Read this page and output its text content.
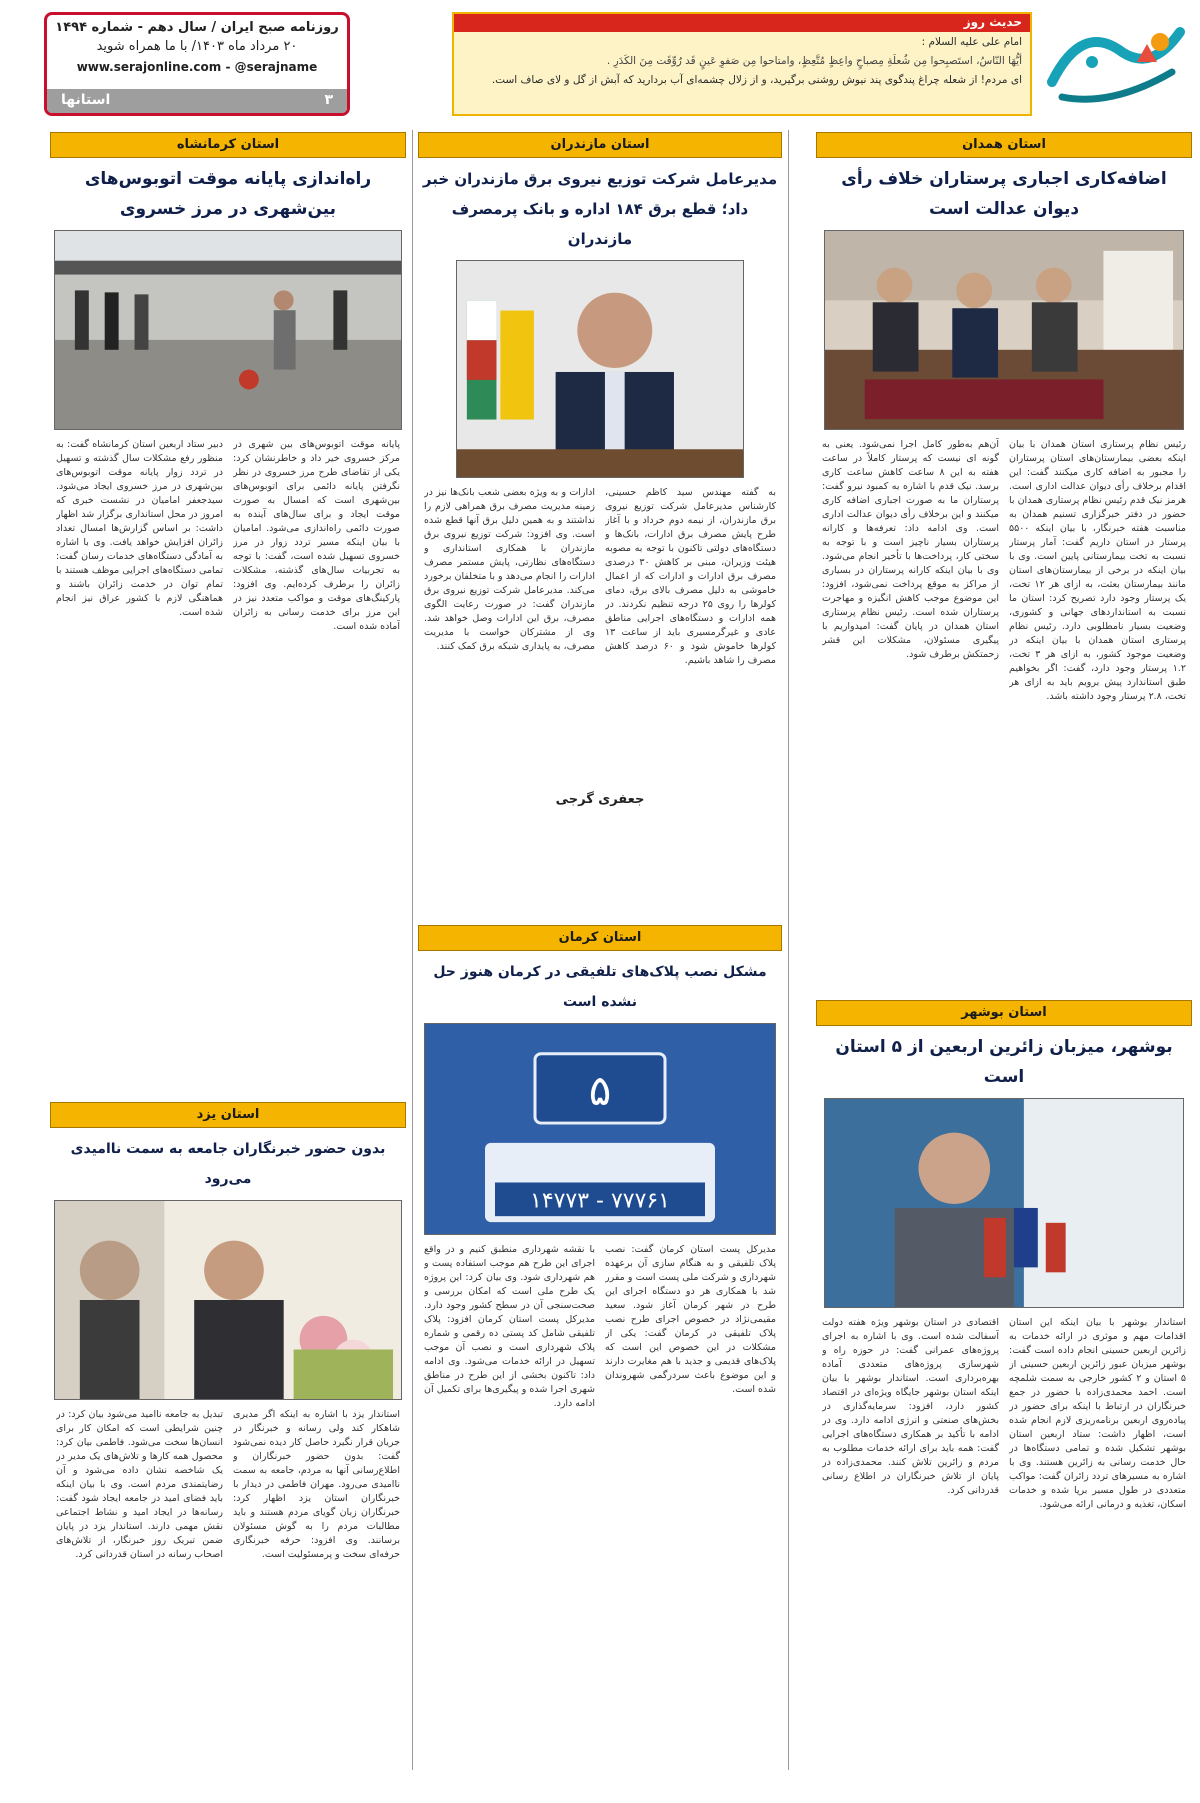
حدیث روز

امام علی علیه السلام :

أيُّهَا النّاسُ، استَصبِحوا مِن شُعلَةِ مِصباحٍ واعِظٍ مُتَّعِظٍ، وامتاحوا مِن صَفوِ عَينٍ قَد رُوِّقَت مِنَ الكَدَرِ .

ای مردم! از شعله چراغ پندگوی پند نیوش روشنی برگیرید، و از زلال چشمه‌ای آب بردارید که آبش از گل و لای صاف است.

روزنامه صبح ایران / سال دهم - شماره ۱۴۹۴
۲۰ مرداد ماه ۱۴۰۳/ با ما همراه شوید
www.serajonline.com - @serajname
۳
استانها
استان همدان
اضافه‌کاری اجباری پرستاران خلاف رأی دیوان عدالت است
رئیس نظام پرستاری استان همدان با بیان اینکه بعضی بیمارستان‌های استان پرستاران را مجبور به اضافه کاری میکنند گفت: این اقدام برخلاف رأی دیوان عدالت اداری است. هرمز نیک قدم رئیس نظام پرستاری همدان با حضور در دفتر خبرگزاری تسنیم همدان به مناسبت هفته خبرنگار، با بیان اینکه ۵۵۰۰ پرستار در استان داریم گفت: آمار پرستار نسبت به تخت بیمارستانی پایین است. وی با بیان اینکه در برخی از بیمارستان‌های استان مانند بیمارستان بعثت، به ازای هر ۱۲ تخت، یک پرستار وجود دارد تصریح کرد: استان ما نسبت به استانداردهای جهانی و کشوری، وضعیت بسیار نامطلوبی دارد. رئیس نظام پرستاری استان همدان با بیان اینکه در وضعیت موجود کشور، به ازای هر ۳ تخت، ۱.۲ پرستار وجود دارد، گفت: اگر بخواهیم طبق استاندارد پیش برویم باید به ازای هر تخت، ۲.۸ پرستار وجود داشته باشد.
آن‌هم به‌طور کامل اجرا نمی‌شود. یعنی به گونه ای نیست که پرستار کاملاً در ساعت هفته به این ۸ ساعت کاهش ساعت کاری برسد. نیک قدم با اشاره به کمبود نیرو گفت: پرستاران ما به صورت اجباری اضافه کاری میکنند و این برخلاف رأی دیوان عدالت اداری است. وی ادامه داد: تعرفه‌ها و کارانه پرستاران بسیار ناچیز است و با توجه به سختی کار، پرداخت‌ها با تأخیر انجام می‌شود. وی با بیان اینکه کارانه پرستاران در بسیاری از مراکز به موقع پرداخت نمی‌شود، افزود: این موضوع موجب کاهش انگیزه و مهاجرت پرستاران شده است. رئیس نظام پرستاری استان همدان در پایان گفت: امیدواریم با پیگیری مسئولان، مشکلات این قشر زحمتکش برطرف شود.
استان بوشهر
بوشهر، میزبان زائرین اربعین از ۵ استان است
استاندار بوشهر با بیان اینکه این استان اقدامات مهم و موثری در ارائه خدمات به زائرین اربعین حسینی انجام داده است گفت: بوشهر میزبان عبور زائرین اربعین حسینی از ۵ استان و ۲ کشور خارجی به سمت شلمچه است. احمد محمدی‌زاده با حضور در جمع خبرنگاران در ارتباط با اینکه برای حضور در پیاده‌روی اربعین برنامه‌ریزی لازم انجام شده است، اظهار داشت: ستاد اربعین استان بوشهر تشکیل شده و تمامی دستگاه‌ها در حال خدمت رسانی به زائرین هستند. وی با اشاره به مسیرهای تردد زائران گفت: مواکب متعددی در طول مسیر برپا شده و خدمات اسکان، تغذیه و درمانی ارائه می‌شود.
اقتصادی در استان بوشهر ویژه هفته دولت آسفالت شده است. وی با اشاره به اجرای پروژه‌های عمرانی گفت: در حوزه راه و شهرسازی پروژه‌های متعددی آماده بهره‌برداری است. استاندار بوشهر با بیان اینکه استان بوشهر جایگاه ویژه‌ای در اقتصاد کشور دارد، افزود: سرمایه‌گذاری در بخش‌های صنعتی و انرژی ادامه دارد. وی در ادامه با تأکید بر همکاری دستگاه‌های اجرایی گفت: همه باید برای ارائه خدمات مطلوب به مردم و زائرین تلاش کنند. محمدی‌زاده در پایان از تلاش خبرنگاران در اطلاع رسانی قدردانی کرد.
استان مازندران
مدیرعامل شرکت توزیع نیروی برق مازندران خبر داد؛ قطع برق ۱۸۴ اداره و بانک پرمصرف مازندران
به گفته مهندس سید کاظم حسینی، کارشناس مدیرعامل شرکت توزیع نیروی برق مازندران، از نیمه دوم خرداد و با آغاز طرح پایش مصرف برق ادارات، بانک‌ها و دستگاه‌های دولتی تاکنون با توجه به مصوبه هیئت وزیران، مبنی بر کاهش ۳۰ درصدی مصرف برق ادارات و ادارات که از اعمال خاموشی به دلیل مصرف بالای برق، دمای کولرها را روی ۲۵ درجه تنظیم نکردند. در همه ادارات و دستگاه‌های اجرایی مناطق عادی و غیرگرمسیری باید از ساعت ۱۳ کولرها خاموش شود و ۶۰ درصد کاهش مصرف را شاهد باشیم.
ادارات و به ویژه بعضی شعب بانک‌ها نیز در زمینه مدیریت مصرف برق همراهی لازم را نداشتند و به همین دلیل برق آنها قطع شده است. وی افزود: شرکت توزیع نیروی برق مازندران با همکاری استانداری و دستگاه‌های نظارتی، پایش مستمر مصرف ادارات را انجام می‌دهد و با متخلفان برخورد می‌کند. مدیرعامل شرکت توزیع نیروی برق مازندران گفت: در صورت رعایت الگوی مصرف، برق این ادارات وصل خواهد شد. وی از مشترکان خواست با مدیریت مصرف، به پایداری شبکه برق کمک کنند.
جعفری گرجی
استان کرمان
مشکل نصب پلاک‌های تلفیقی در کرمان هنوز حل نشده است
۵
۷۷۷۶۱ - ۱۴۷۷۳
مدیرکل پست استان کرمان گفت: نصب پلاک تلفیقی و به هنگام سازی آن برعهده شهرداری و شرکت ملی پست است و مقرر شد با همکاری هر دو دستگاه اجرای این طرح در شهر کرمان آغاز شود. سعید مقیمی‌نژاد در خصوص اجرای طرح نصب پلاک تلفیقی در کرمان گفت: یکی از مشکلات در این خصوص این است که پلاک‌های قدیمی و جدید با هم مغایرت دارند و این موضوع باعث سردرگمی شهروندان شده است.
با نقشه شهرداری منطبق کنیم و در واقع اجرای این طرح هم موجب استفاده پست و هم شهرداری شود. وی بیان کرد: این پروژه یک طرح ملی است که امکان بررسی و صحت‌سنجی آن در سطح کشور وجود دارد. مدیرکل پست استان کرمان افزود: پلاک تلفیقی شامل کد پستی ده رقمی و شماره پلاک شهرداری است و نصب آن موجب تسهیل در ارائه خدمات می‌شود. وی ادامه داد: تاکنون بخشی از این طرح در مناطق شهری اجرا شده و پیگیری‌ها برای تکمیل آن ادامه دارد.
استان کرمانشاه
راه‌اندازی پایانه موقت اتوبوس‌های بین‌شهری در مرز خسروی
پایانه موقت اتوبوس‌های بین شهری در مرکز خسروی خیر داد و خاطرنشان کرد: یکی از تقاضای طرح مرز خسروی در نظر نگرفتن پایانه دائمی برای اتوبوس‌های بین‌شهری است که امسال به صورت موقت ایجاد و برای سال‌های آینده به صورت دائمی راه‌اندازی می‌شود. امامیان با بیان اینکه مسیر تردد زوار در مرز خسروی تسهیل شده است، گفت: با توجه به تجربیات سال‌های گذشته، مشکلات زائران را برطرف کرده‌ایم. وی افزود: پارکینگ‌های موقت و مواکب متعدد نیز در این مرز برای خدمت رسانی به زائران آماده شده است.
دبیر ستاد اربعین استان کرمانشاه گفت: به منظور رفع مشکلات سال گذشته و تسهیل در تردد زوار پایانه موقت اتوبوس‌های بین‌شهری در مرز خسروی ایجاد می‌شود. سیدجعفر امامیان در نشست خبری که امروز در محل استانداری برگزار شد اظهار داشت: بر اساس گزارش‌ها امسال تعداد زائران افزایش خواهد یافت. وی با اشاره به آمادگی دستگاه‌های خدمات رسان گفت: تمامی دستگاه‌های اجرایی موظف هستند با تمام توان در خدمت زائران باشند و هماهنگی لازم با کشور عراق نیز انجام شده است.
استان یزد
بدون حضور خبرنگاران جامعه به سمت ناامیدی می‌رود
استاندار یزد با اشاره به اینکه اگر مدیری شاهکار کند ولی رسانه و خبرنگار در جریان قرار نگیرد حاصل کار دیده نمی‌شود گفت: بدون حضور خبرنگاران و اطلاع‌رسانی آنها به مردم، جامعه به سمت ناامیدی می‌رود. مهران فاطمی در دیدار با خبرنگاران استان یزد اظهار کرد: خبرنگاران زبان گویای مردم هستند و باید مطالبات مردم را به گوش مسئولان برسانند. وی افزود: حرفه خبرنگاری حرفه‌ای سخت و پرمسئولیت است.
تبدیل به جامعه ناامید می‌شود بیان کرد: در چنین شرایطی است که امکان کار برای انسان‌ها سخت می‌شود. فاطمی بیان کرد: محصول همه کارها و تلاش‌های یک مدیر در یک شاخصه نشان داده می‌شود و آن رضایتمندی مردم است. وی با بیان اینکه باید فضای امید در جامعه ایجاد شود گفت: رسانه‌ها در ایجاد امید و نشاط اجتماعی نقش مهمی دارند. استاندار یزد در پایان ضمن تبریک روز خبرنگار، از تلاش‌های اصحاب رسانه در استان قدردانی کرد.
